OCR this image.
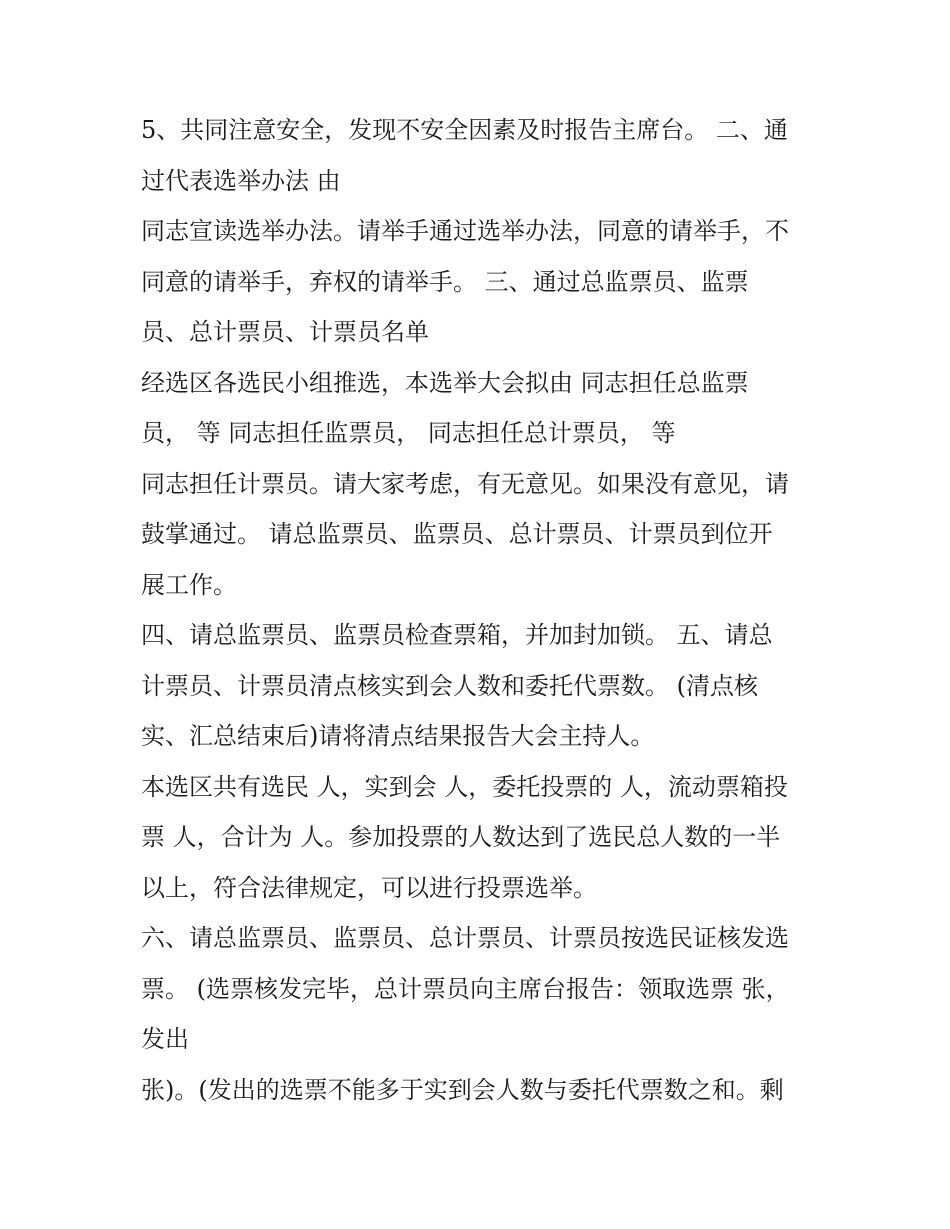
5、共同注意安全，发现不安全因素及时报告主席台。 二、通
过代表选举办法 由
同志宣读选举办法。请举手通过选举办法，同意的请举手，不
同意的请举手，弃权的请举手。 三、通过总监票员、监票
员、总计票员、计票员名单
经选区各选民小组推选，本选举大会拟由 同志担任总监票
员， 等 同志担任监票员， 同志担任总计票员， 等
同志担任计票员。请大家考虑，有无意见。如果没有意见，请
鼓掌通过。 请总监票员、监票员、总计票员、计票员到位开
展工作。
四、请总监票员、监票员检查票箱，并加封加锁。 五、请总
计票员、计票员清点核实到会人数和委托代票数。 (清点核
实、汇总结束后)请将清点结果报告大会主持人。
本选区共有选民 人，实到会 人，委托投票的 人，流动票箱投
票 人，合计为 人。参加投票的人数达到了选民总人数的一半
以上，符合法律规定，可以进行投票选举。
六、请总监票员、监票员、总计票员、计票员按选民证核发选
票。 (选票核发完毕，总计票员向主席台报告：领取选票 张，
发出
张)。(发出的选票不能多于实到会人数与委托代票数之和。剩
